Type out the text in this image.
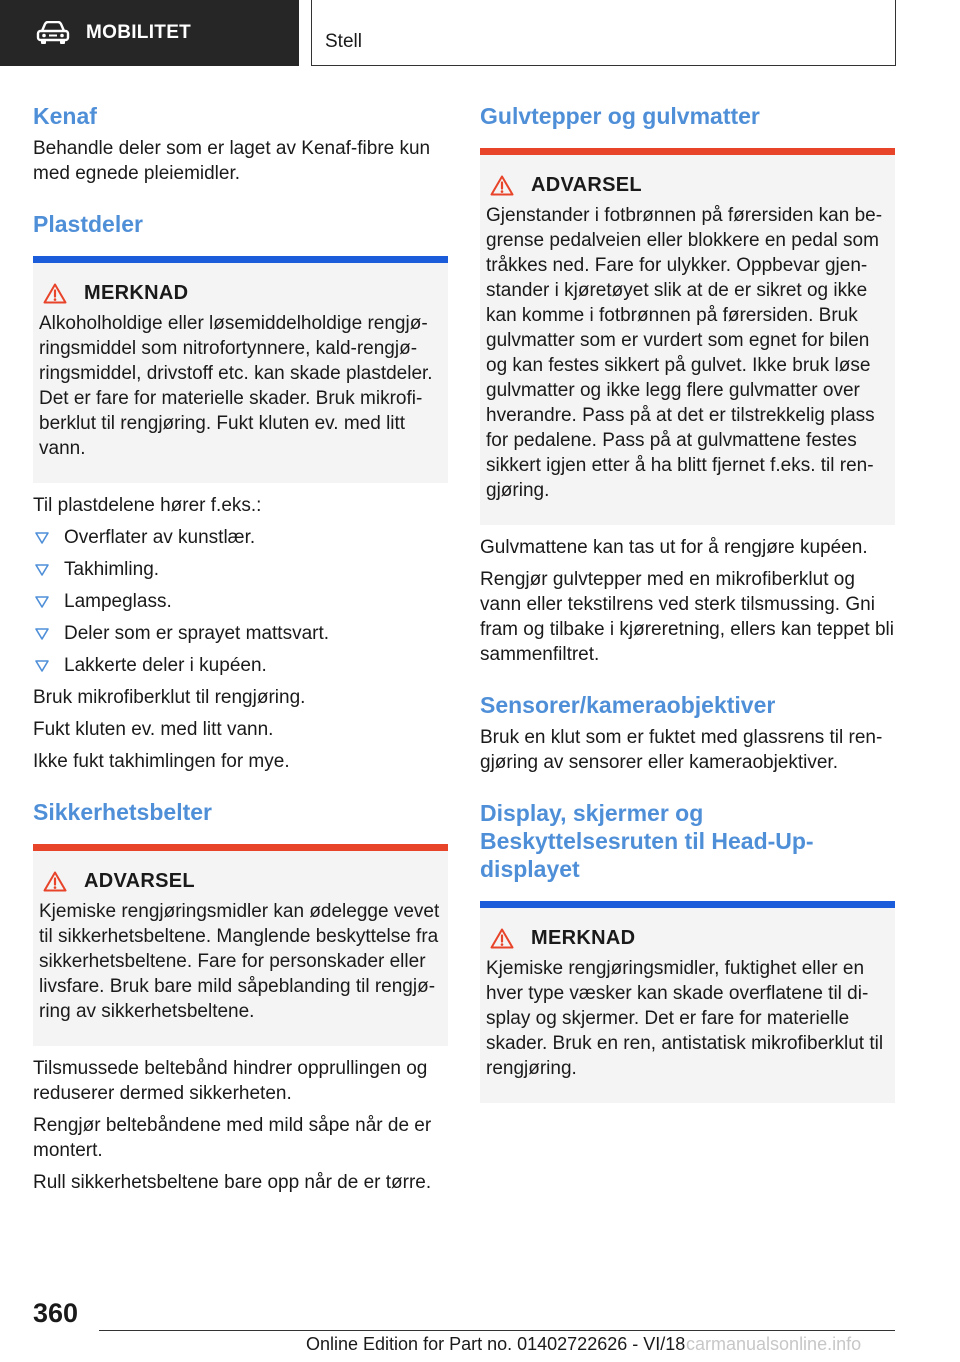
MOBILITET	Stell
Kenaf

Behandle deler som er laget av Kenaf-fibre kun med egnede pleiemidler.

Plastdeler
MERKNAD

Alkoholholdige eller løsemiddelholdige rengjøringsmiddel som nitrofortynnere, kald-rengjøringsmiddel, drivstoff etc. kan skade plastdeler. Det er fare for materielle skader. Bruk mikrofiberklut til rengjøring. Fukt kluten ev. med litt vann.

Til plastdelene hører f.eks.:

Overflater av kunstlær.
Takhimling.
Lampeglass.
Deler som er sprayet mattsvart.
Lakkerte deler i kupéen.

Bruk mikrofiberklut til rengjøring.

Fukt kluten ev. med litt vann.

Ikke fukt takhimlingen for mye.

Sikkerhetsbelter
ADVARSEL

Kjemiske rengjøringsmidler kan ødelegge vevet til sikkerhetsbeltene. Manglende beskyttelse fra sikkerhetsbeltene. Fare for personskader eller livsfare. Bruk bare mild såpeblanding til rengjøring av sikkerhetsbeltene.

Tilsmussede beltebånd hindrer opprullingen og reduserer dermed sikkerheten.

Rengjør beltebåndene med mild såpe når de er montert.

Rull sikkerhetsbeltene bare opp når de er tørre.

Gulvtepper og gulvmatter
ADVARSEL

Gjenstander i fotbrønnen på førersiden kan begrense pedalveien eller blokkere en pedal som tråkkes ned. Fare for ulykker. Oppbevar gjenstander i kjøretøyet slik at de er sikret og ikke kan komme i fotbrønnen på førersiden. Bruk gulvmatter som er vurdert som egnet for bilen og kan festes sikkert på gulvet. Ikke bruk løse gulvmatter og ikke legg flere gulvmatter over hverandre. Pass på at det er tilstrekkelig plass for pedalene. Pass på at gulvmattene festes sikkert igjen etter å ha blitt fjernet f.eks. til rengjøring.

Gulvmattene kan tas ut for å rengjøre kupéen.

Rengjør gulvtepper med en mikrofiberklut og vann eller tekstilrens ved sterk tilsmussing. Gni fram og tilbake i kjøreretning, ellers kan teppet bli sammenfiltret.

Sensorer/kameraobjektiver

Bruk en klut som er fuktet med glassrens til rengjøring av sensorer eller kameraobjektiver.

Display, skjermer og Beskyttelsesruten til Head-Up-displayet
MERKNAD

Kjemiske rengjøringsmidler, fuktighet eller en hver type væsker kan skade overflatene til display og skjermer. Det er fare for materielle skader. Bruk en ren, antistatisk mikrofiberklut til rengjøring.

360
Online Edition for Part no. 01402722626 - VI/18 carmanualsonline.info
